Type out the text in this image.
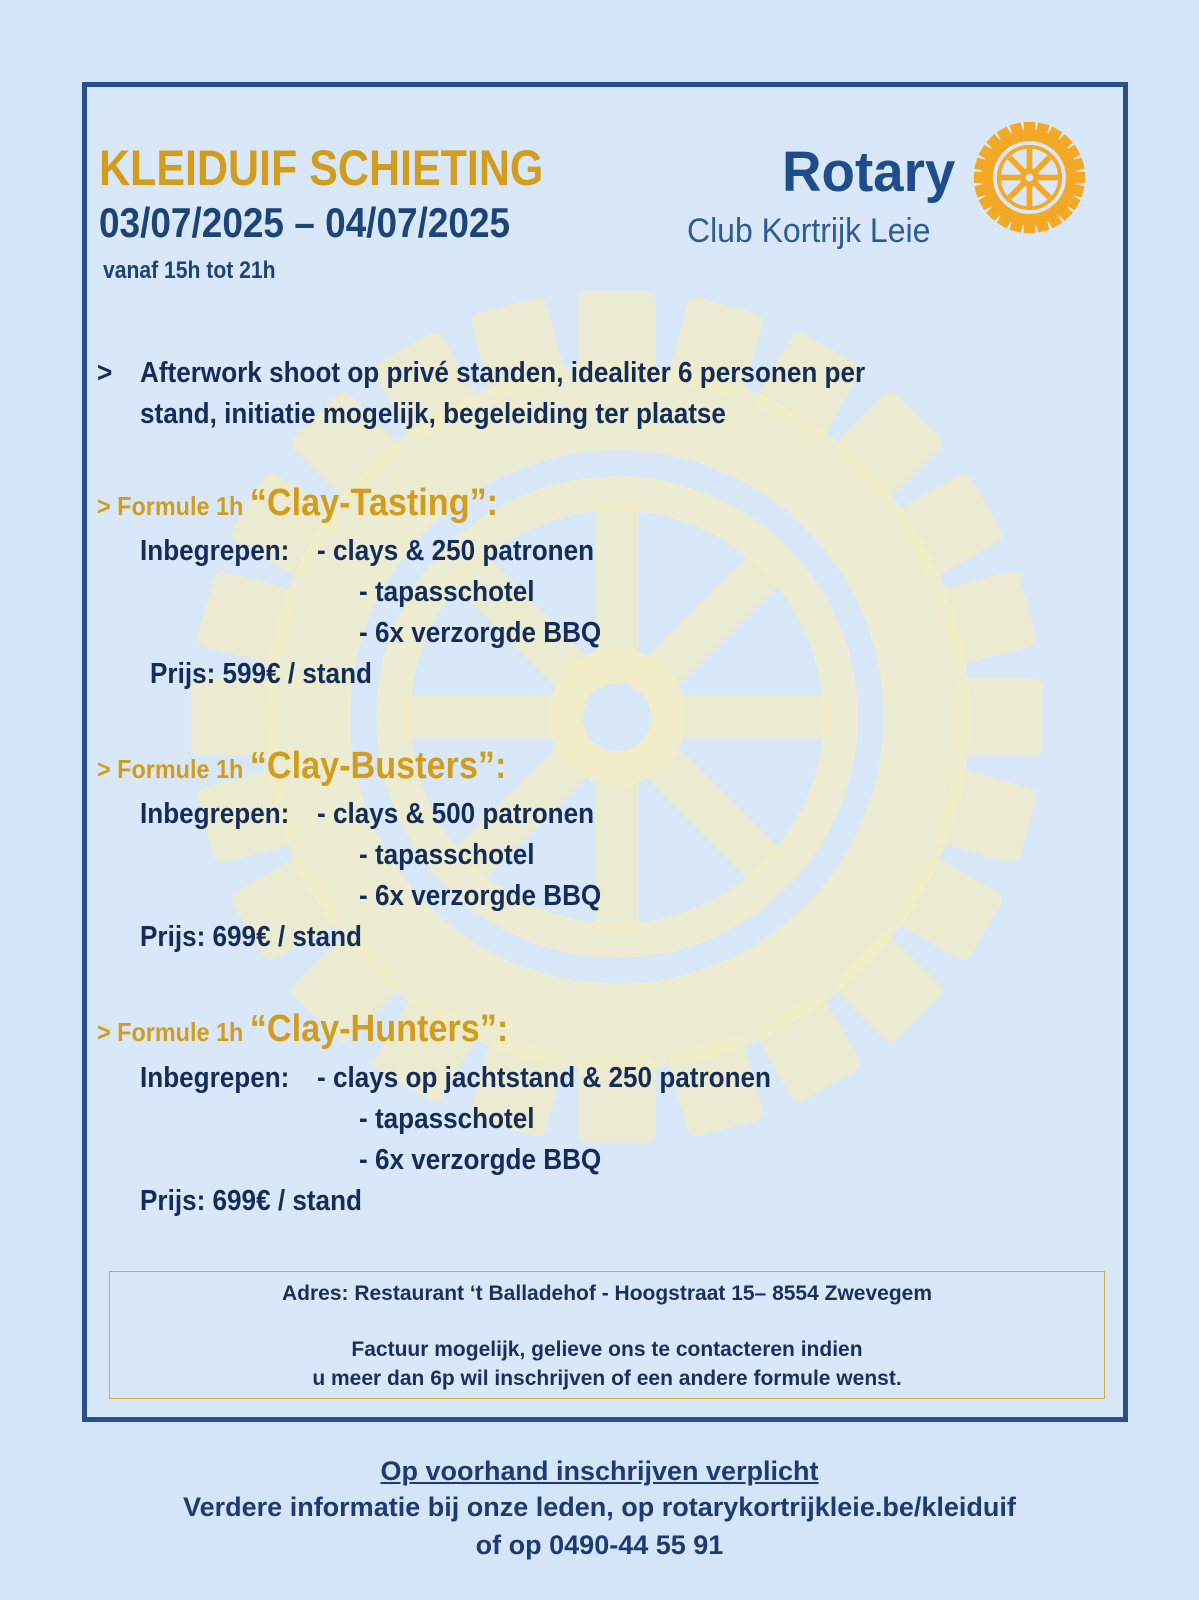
KLEIDUIF SCHIETING
03/07/2025 – 04/07/2025
vanaf 15h tot 21h
Rotary
Club Kortrijk Leie
> Afterwork shoot op privé standen, idealiter 6 personen per
stand, initiatie mogelijk, begeleiding ter plaatse
> Formule 1h “Clay-Tasting”:
Inbegrepen: - clays & 250 patronen
- tapasschotel
- 6x verzorgde BBQ
Prijs: 599€ / stand
> Formule 1h “Clay-Busters”:
Inbegrepen: - clays & 500 patronen
- tapasschotel
- 6x verzorgde BBQ
Prijs: 699€ / stand
> Formule 1h “Clay-Hunters”:
Inbegrepen: - clays op jachtstand & 250 patronen
- tapasschotel
- 6x verzorgde BBQ
Prijs: 699€ / stand
Adres: Restaurant ‘t Balladehof - Hoogstraat 15– 8554 Zwevegem
Factuur mogelijk, gelieve ons te contacteren indien
u meer dan 6p wil inschrijven of een andere formule wenst.
Op voorhand inschrijven verplicht
Verdere informatie bij onze leden, op rotarykortrijkleie.be/kleiduif
of op 0490-44 55 91
